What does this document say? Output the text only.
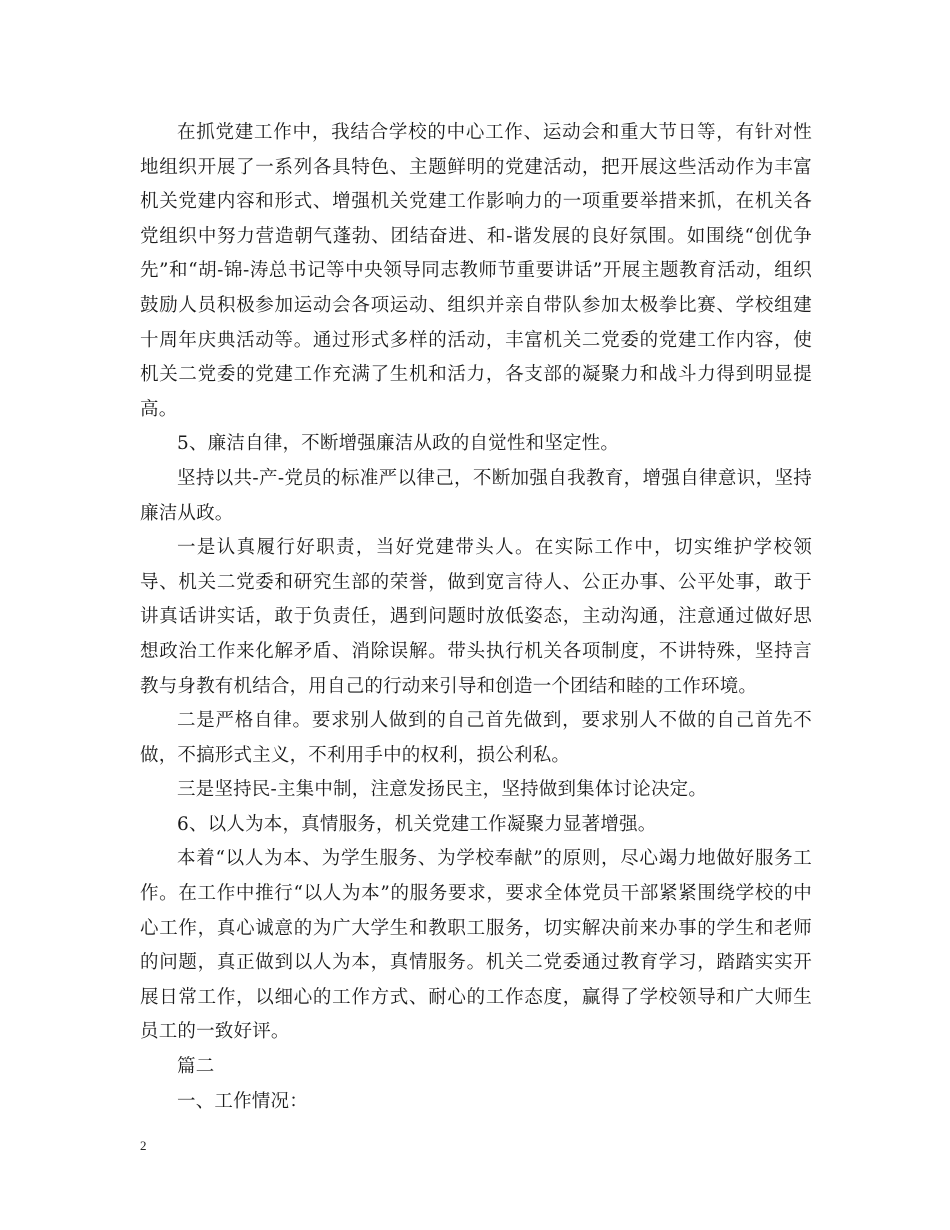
在抓党建工作中，我结合学校的中心工作、运动会和重大节日等，有针对性地组织开展了一系列各具特色、主题鲜明的党建活动，把开展这些活动作为丰富机关党建内容和形式、增强机关党建工作影响力的一项重要举措来抓，在机关各党组织中努力营造朝气蓬勃、团结奋进、和-谐发展的良好氛围。如围绕“创优争先”和“胡-锦-涛总书记等中央领导同志教师节重要讲话”开展主题教育活动，组织鼓励人员积极参加运动会各项运动、组织并亲自带队参加太极拳比赛、学校组建十周年庆典活动等。通过形式多样的活动，丰富机关二党委的党建工作内容，使机关二党委的党建工作充满了生机和活力，各支部的凝聚力和战斗力得到明显提高。

5、廉洁自律，不断增强廉洁从政的自觉性和坚定性。

坚持以共-产-党员的标准严以律己，不断加强自我教育，增强自律意识，坚持廉洁从政。

一是认真履行好职责，当好党建带头人。在实际工作中，切实维护学校领导、机关二党委和研究生部的荣誉，做到宽言待人、公正办事、公平处事，敢于讲真话讲实话，敢于负责任，遇到问题时放低姿态，主动沟通，注意通过做好思想政治工作来化解矛盾、消除误解。带头执行机关各项制度，不讲特殊，坚持言教与身教有机结合，用自己的行动来引导和创造一个团结和睦的工作环境。

二是严格自律。要求别人做到的自己首先做到，要求别人不做的自己首先不做，不搞形式主义，不利用手中的权利，损公利私。

三是坚持民-主集中制，注意发扬民主，坚持做到集体讨论决定。

6、以人为本，真情服务，机关党建工作凝聚力显著增强。

本着“以人为本、为学生服务、为学校奉献”的原则，尽心竭力地做好服务工作。在工作中推行“以人为本”的服务要求，要求全体党员干部紧紧围绕学校的中心工作，真心诚意的为广大学生和教职工服务，切实解决前来办事的学生和老师的问题，真正做到以人为本，真情服务。机关二党委通过教育学习，踏踏实实开展日常工作，以细心的工作方式、耐心的工作态度，赢得了学校领导和广大师生员工的一致好评。

篇二

一、工作情况：

2
